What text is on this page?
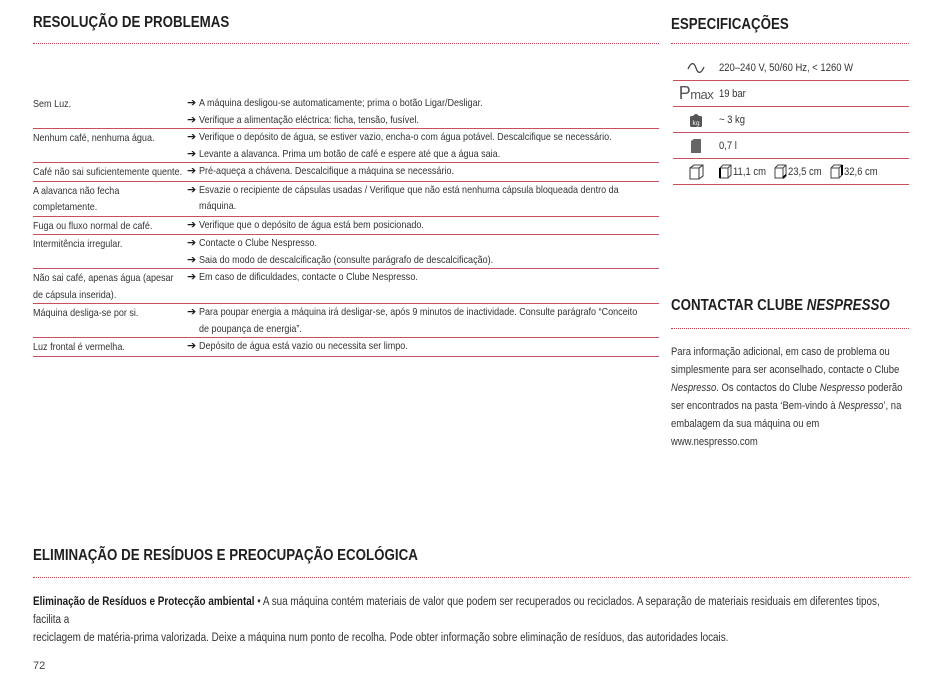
RESOLUÇÃO DE PROBLEMAS
Sem Luz.	➔ A máquina desligou-se automaticamente; prima o botão Ligar/Desligar.
➔ Verifique a alimentação eléctrica: ficha, tensão, fusível.
Nenhum café, nenhuma água.	➔ Verifique o depósito de água, se estiver vazio, encha-o com água potável. Descalcifique se necessário.
➔ Levante a alavanca. Prima um botão de café e espere até que a água saia.
Café não sai suficientemente quente. ➔ Pré-aqueça a chávena. Descalcifique a máquina se necessário.
A alavanca não fecha completamente.
➔ Esvazie o recipiente de cápsulas usadas / Verifique que não está nenhuma cápsula bloqueada dentro da máquina.
Fuga ou fluxo normal de café.	➔ Verifique que o depósito de água está bem posicionado.
Intermitência irregular.	➔ Contacte o Clube Nespresso.
➔ Saia do modo de descalcificação (consulte parágrafo de descalcificação).
Não sai café, apenas água (apesar de cápsula inserida).
➔ Em caso de dificuldades, contacte o Clube Nespresso.
Máquina desliga-se por si.	➔ Para poupar energia a máquina irá desligar-se, após 9 minutos de inactividade. Consulte parágrafo “Conceito de poupança de energia”.
Luz frontal é vermelha.	➔ Depósito de água está vazio ou necessita ser limpo.
ESPECIFICAÇÕES
220–240 V, 50/60 Hz, < 1260 W
Pmax 19 bar
kg ~ 3 kg
0,7 l
11,1 cm 23,5 cm 32,6 cm
CONTACTAR CLUBE NESPRESSO

Para informação adicional, em caso de problema ou

simplesmente para ser aconselhado, contacte o Clube

Nespresso. Os contactos do Clube Nespresso poderão

ser encontrados na pasta ‘Bem-vindo à Nespresso’, na

embalagem da sua máquina ou em www.nespresso.com

ELIMINAÇÃO DE RESÍDUOS E PREOCUPAÇÃO ECOLÓGICA

Eliminação de Resíduos e Protecção ambiental • A sua máquina contém materiais de valor que podem ser recuperados ou reciclados. A separação de materiais residuais em diferentes tipos, facilita a

reciclagem de matéria-prima valorizada. Deixe a máquina num ponto de recolha. Pode obter informação sobre eliminação de resíduos, das autoridades locais.

72
